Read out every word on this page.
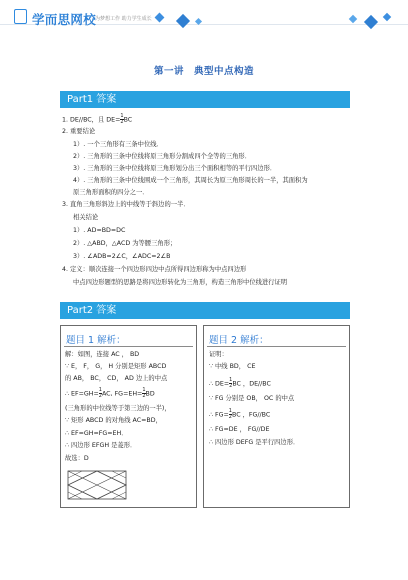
学而思网校
为梦想工作 助力学生成长
第一讲　典型中点构造
Part1 答案
1. DE//BC，且 $DE= \frac{1}{2}$ BC
2. 重要结论
1）. 一个三角形有三条中位线．
2）. 三角形的三条中位线将原三角形分割成四个全等的三角形．
3）. 三角形的三条中位线将原三角形划分出三个面积相等的平行四边形．
4）. 三角形的三条中位线围成一个三角形，其周长为原三角形周长的一半，其面积为
原三角形面积的四分之一．
3. 直角三角形斜边上的中线等于斜边的一半．
相关结论
1）. AD=BD=DC
2）. △ABD，△ACD 为等腰三角形；
3）. ∠ADB=2∠C，∠ADC=2∠B
4. 定义：顺次连接一个四边形四边中点所得四边形称为中点四边形
中点四边形题型的思路是将四边形转化为三角形，构造三角形中位线进行证明
Part2 答案
题目 1 解析：
解：如图，连接 AC ， BD
∵ E， F， G， H 分别是矩形 ABCD
的 AB， BC， CD， AD 边上的中点
∴ $EF=GH= \frac{1}{2}$ AC, $FG=EH= \frac{1}{2}$ BD
(三角形的中位线等于第三边的一半)，
∵ 矩形 ABCD 的对角线 AC=BD，
∴ EF=GH=FG=EH．
∴ 四边形 EFGH 是菱形．
故选：D
题目 2 解析：
证明：
∵ 中线 BD， CE
∴ $DE= \frac{1}{2}$ BC ，DE//BC
∵ FG 分别是 OB， OC 的中点
∴ $FG= \frac{1}{2}$ BC ，FG//BC
∴ FG=DE ， FG//DE
∴ 四边形 DEFG 是平行四边形．
